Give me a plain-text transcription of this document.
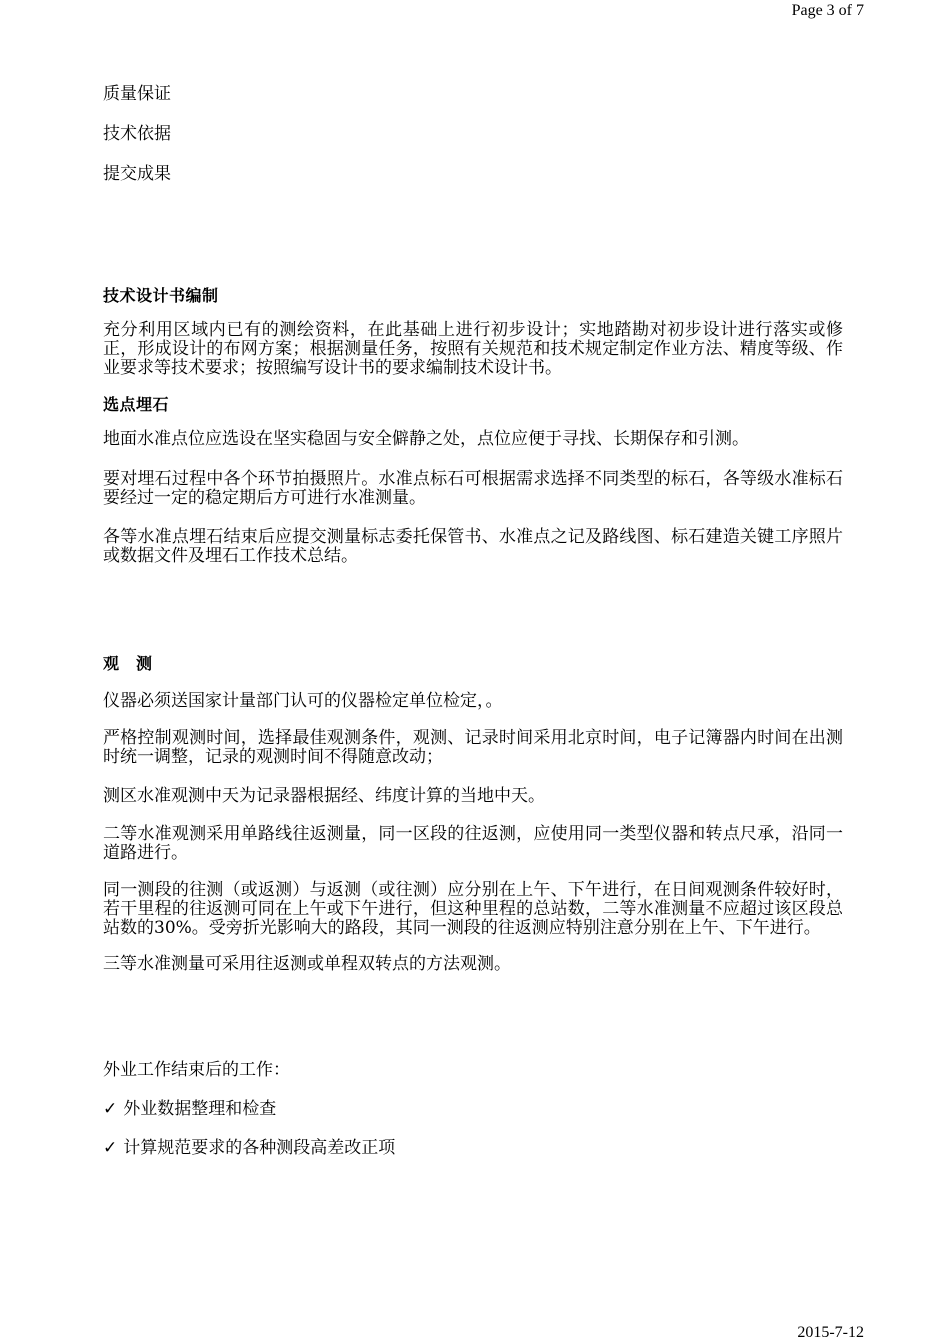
Page 3 of 7

质量保证

技术依据

提交成果

技术设计书编制

充分利用区域内已有的测绘资料，在此基础上进行初步设计；实地踏勘对初步设计进行落实或修正，形成设计的布网方案；根据测量任务，按照有关规范和技术规定制定作业方法、精度等级、作业要求等技术要求；按照编写设计书的要求编制技术设计书。

选点埋石

地面水准点位应选设在坚实稳固与安全僻静之处，点位应便于寻找、长期保存和引测。

要对埋石过程中各个环节拍摄照片。水准点标石可根据需求选择不同类型的标石，各等级水准标石要经过一定的稳定期后方可进行水准测量。

各等水准点埋石结束后应提交测量标志委托保管书、水准点之记及路线图、标石建造关键工序照片或数据文件及埋石工作技术总结。

观　测

仪器必须送国家计量部门认可的仪器检定单位检定，。

严格控制观测时间，选择最佳观测条件，观测、记录时间采用北京时间，电子记簿器内时间在出测时统一调整，记录的观测时间不得随意改动；

测区水准观测中天为记录器根据经、纬度计算的当地中天。

二等水准观测采用单路线往返测量，同一区段的往返测，应使用同一类型仪器和转点尺承，沿同一道路进行。

同一测段的往测（或返测）与返测（或往测）应分别在上午、下午进行，在日间观测条件较好时，若干里程的往返测可同在上午或下午进行，但这种里程的总站数，二等水准测量不应超过该区段总站数的30%。受旁折光影响大的路段，其同一测段的往返测应特别注意分别在上午、下午进行。

三等水准测量可采用往返测或单程双转点的方法观测。

外业工作结束后的工作：

✓ 外业数据整理和检查

✓ 计算规范要求的各种测段高差改正项

2015-7-12
